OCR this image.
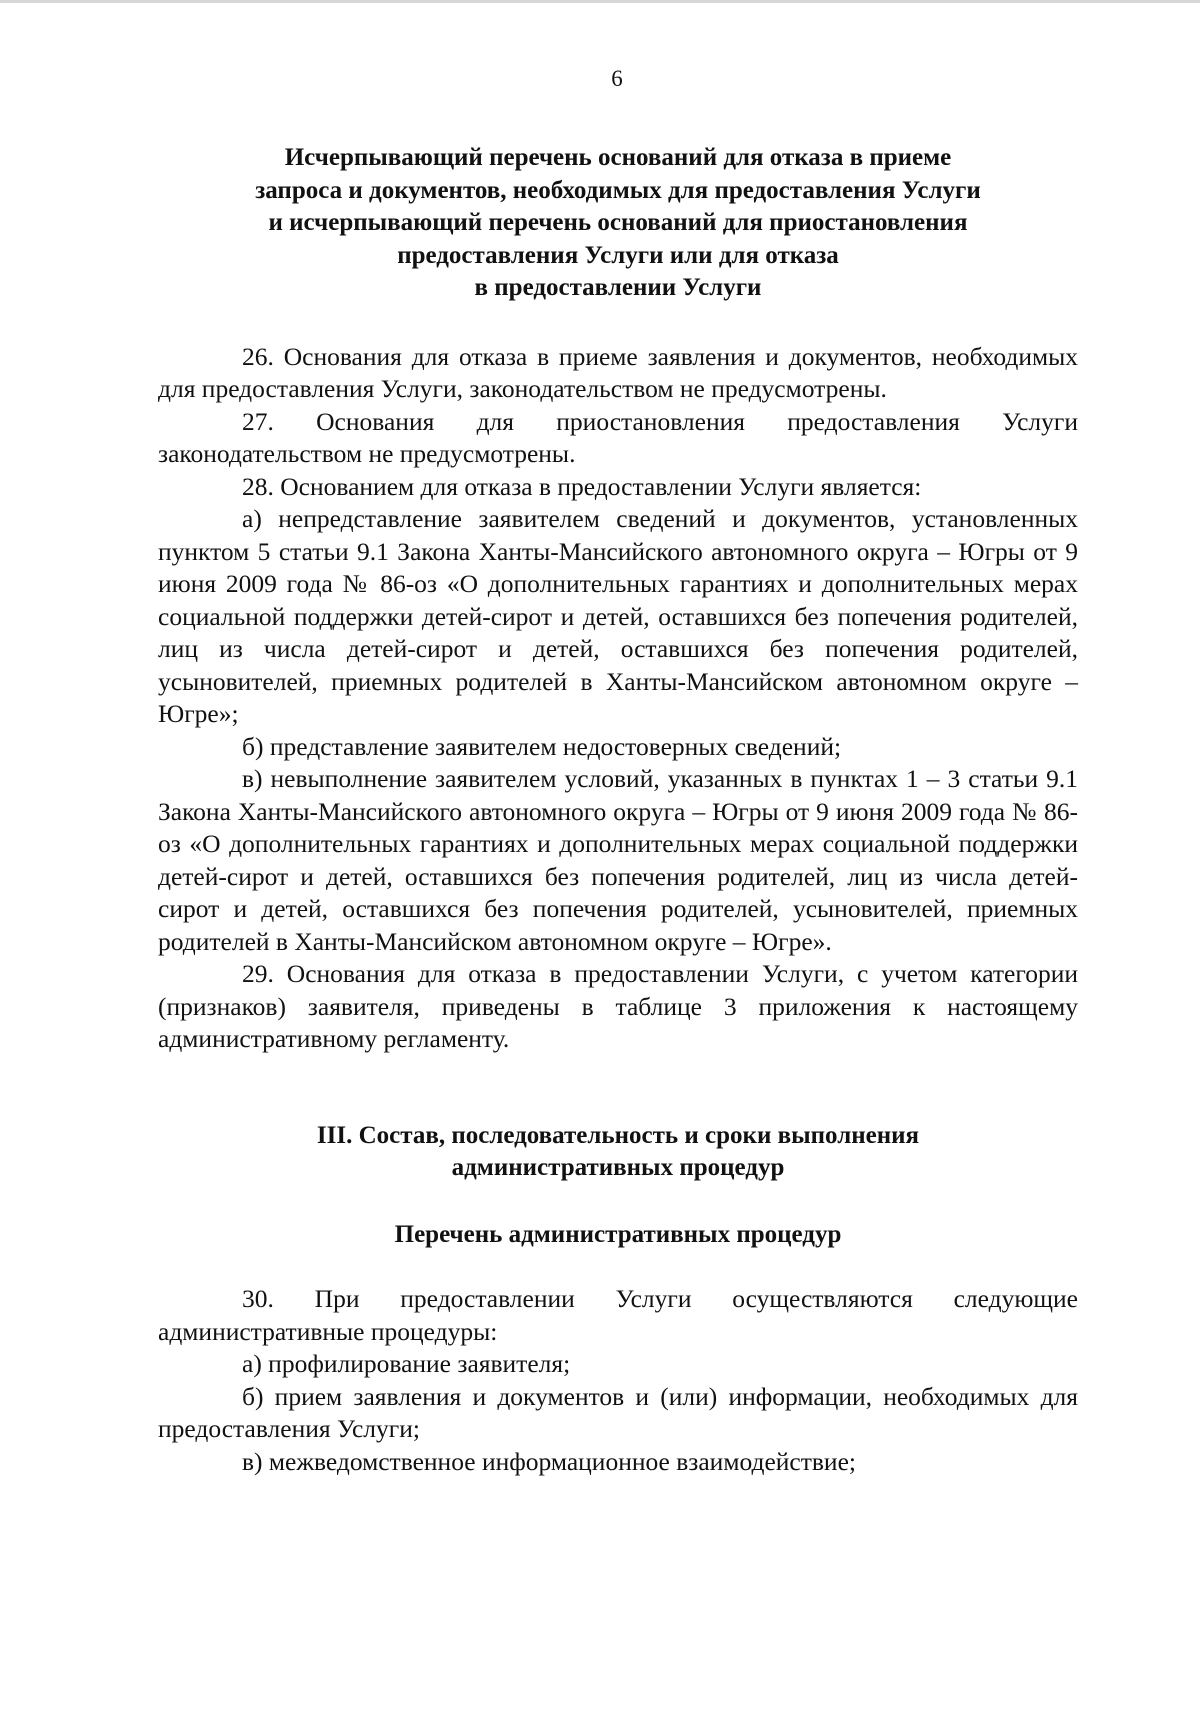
6
Исчерпывающий перечень оснований для отказа в приеме
запроса и документов, необходимых для предоставления Услуги
и исчерпывающий перечень оснований для приостановления
предоставления Услуги или для отказа
в предоставлении Услуги

26. Основания для отказа в приеме заявления и документов, необходимых для предоставления Услуги, законодательством не предусмотрены.

27. Основания для приостановления предоставления Услуги законодательством не предусмотрены.

28. Основанием для отказа в предоставлении Услуги является:

а) непредставление заявителем сведений и документов, установленных пунктом 5 статьи 9.1 Закона Ханты-Мансийского автономного округа – Югры от 9 июня 2009 года № 86-оз «О дополнительных гарантиях и дополнительных мерах социальной поддержки детей-сирот и детей, оставшихся без попечения родителей, лиц из числа детей-сирот и детей, оставшихся без попечения родителей, усыновителей, приемных родителей в Ханты-Мансийском автономном округе – Югре»;

б) представление заявителем недостоверных сведений;

в) невыполнение заявителем условий, указанных в пунктах 1 – 3 статьи 9.1 Закона Ханты-Мансийского автономного округа – Югры от 9 июня 2009 года № 86-оз «О дополнительных гарантиях и дополнительных мерах социальной поддержки детей-сирот и детей, оставшихся без попечения родителей, лиц из числа детей-сирот и детей, оставшихся без попечения родителей, усыновителей, приемных родителей в Ханты-Мансийском автономном округе – Югре».

29. Основания для отказа в предоставлении Услуги, с учетом категории (признаков) заявителя, приведены в таблице 3 приложения к настоящему административному регламенту.

III. Состав, последовательность и сроки выполнения
административных процедур
Перечень административных процедур

30. При предоставлении Услуги осуществляются следующие административные процедуры:

а) профилирование заявителя;

б) прием заявления и документов и (или) информации, необходимых для предоставления Услуги;

в) межведомственное информационное взаимодействие;
